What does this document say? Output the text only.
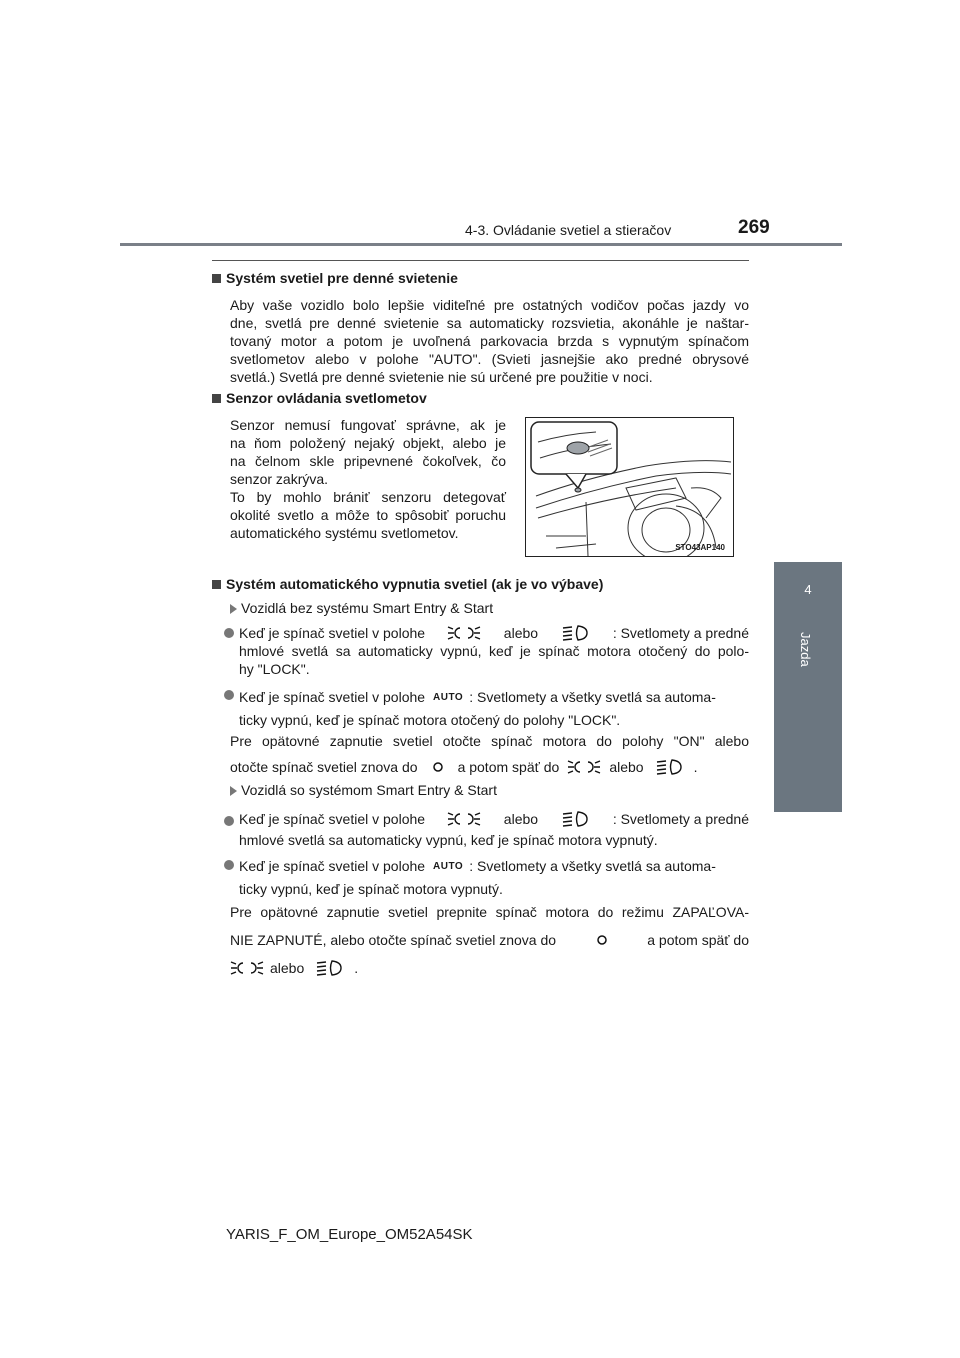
4-3. Ovládanie svetiel a stieračov	269
4
Jazda
Systém svetiel pre denné svietenie
Aby vaše vozidlo bolo lepšie viditeľné pre ostatných vodičov počas jazdy vo
dne, svetlá pre denné svietenie sa automaticky rozsvietia, akonáhle je naštar-
tovaný motor a potom je uvoľnená parkovacia brzda s vypnutým spínačom
svetlometov alebo v polohe "AUTO". (Svieti jasnejšie ako predné obrysové
svetlá.) Svetlá pre denné svietenie nie sú určené pre použitie v noci.
Senzor ovládania svetlometov
Senzor nemusí fungovať správne, ak je
na ňom položený nejaký objekt, alebo je
na čelnom skle pripevnené čokoľvek, čo
senzor zakrýva.
To by mohlo brániť senzoru detegovať
okolité svetlo a môže to spôsobiť poruchu
automatického systému svetlometov.
STO43AP140
Systém automatického vypnutia svetiel (ak je vo výbave)
Vozidlá bez systému Smart Entry & Start
Keď je spínač svetiel v polohe	alebo	: Svetlomety a predné
hmlové svetlá sa automaticky vypnú, keď je spínač motora otočený do polo-
hy "LOCK".
Keď je spínač svetiel v polohe AUTO : Svetlomety a všetky svetlá sa automa-
ticky vypnú, keď je spínač motora otočený do polohy "LOCK".
Pre opätovné zapnutie svetiel otočte spínač motora do polohy "ON" alebo
otočte spínač svetiel znova do	a potom späť do	alebo	.
Vozidlá so systémom Smart Entry & Start
Keď je spínač svetiel v polohe	alebo	: Svetlomety a predné
hmlové svetlá sa automaticky vypnú, keď je spínač motora vypnutý.
Keď je spínač svetiel v polohe AUTO : Svetlomety a všetky svetlá sa automa-
ticky vypnú, keď je spínač motora vypnutý.
Pre opätovné zapnutie svetiel prepnite spínač motora do režimu ZAPAĽOVA-
NIE ZAPNUTÉ, alebo otočte spínač svetiel znova do	a potom späť do
alebo	.
YARIS_F_OM_Europe_OM52A54SK
